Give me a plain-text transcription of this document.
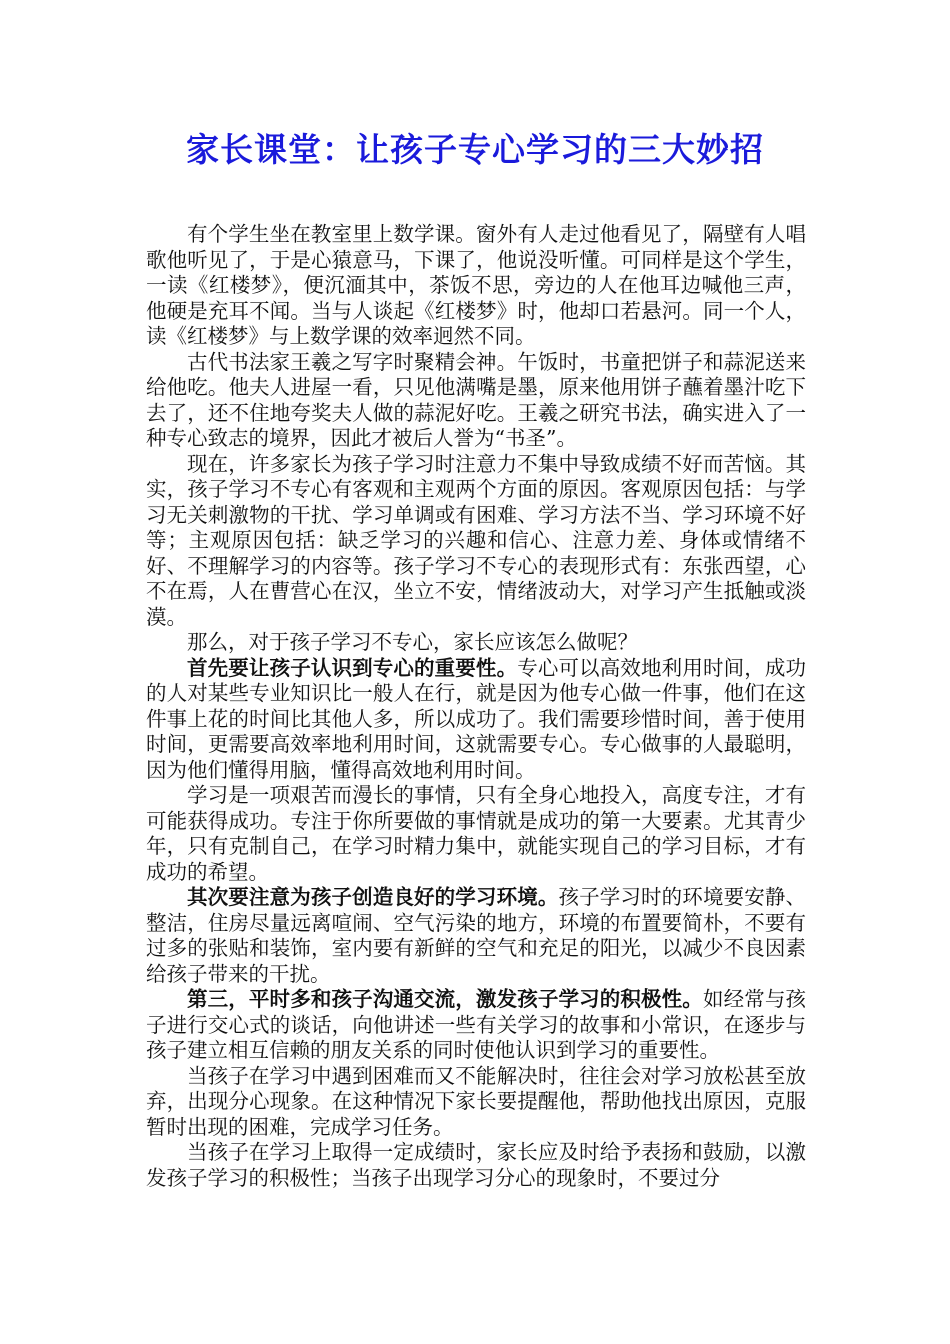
家长课堂：让孩子专心学习的三大妙招

有个学生坐在教室里上数学课。窗外有人走过他看见了，隔壁有人唱歌他听见了，于是心猿意马，下课了，他说没听懂。可同样是这个学生，一读《红楼梦》，便沉湎其中，茶饭不思，旁边的人在他耳边喊他三声，他硬是充耳不闻。当与人谈起《红楼梦》时，他却口若悬河。同一个人，读《红楼梦》与上数学课的效率迥然不同。

古代书法家王羲之写字时聚精会神。午饭时，书童把饼子和蒜泥送来给他吃。他夫人进屋一看，只见他满嘴是墨，原来他用饼子蘸着墨汁吃下去了，还不住地夸奖夫人做的蒜泥好吃。王羲之研究书法，确实进入了一种专心致志的境界，因此才被后人誉为“书圣”。

现在，许多家长为孩子学习时注意力不集中导致成绩不好而苦恼。其实，孩子学习不专心有客观和主观两个方面的原因。客观原因包括：与学习无关刺激物的干扰、学习单调或有困难、学习方法不当、学习环境不好等；主观原因包括：缺乏学习的兴趣和信心、注意力差、身体或情绪不好、不理解学习的内容等。孩子学习不专心的表现形式有：东张西望，心不在焉，人在曹营心在汉，坐立不安，情绪波动大，对学习产生抵触或淡漠。

那么，对于孩子学习不专心，家长应该怎么做呢？

首先要让孩子认识到专心的重要性。专心可以高效地利用时间，成功的人对某些专业知识比一般人在行，就是因为他专心做一件事，他们在这件事上花的时间比其他人多，所以成功了。我们需要珍惜时间，善于使用时间，更需要高效率地利用时间，这就需要专心。专心做事的人最聪明，因为他们懂得用脑，懂得高效地利用时间。

学习是一项艰苦而漫长的事情，只有全身心地投入，高度专注，才有可能获得成功。专注于你所要做的事情就是成功的第一大要素。尤其青少年，只有克制自己，在学习时精力集中，就能实现自己的学习目标，才有成功的希望。

其次要注意为孩子创造良好的学习环境。孩子学习时的环境要安静、整洁，住房尽量远离喧闹、空气污染的地方，环境的布置要简朴，不要有过多的张贴和装饰，室内要有新鲜的空气和充足的阳光，以减少不良因素给孩子带来的干扰。

第三，平时多和孩子沟通交流，激发孩子学习的积极性。如经常与孩子进行交心式的谈话，向他讲述一些有关学习的故事和小常识，在逐步与孩子建立相互信赖的朋友关系的同时使他认识到学习的重要性。

当孩子在学习中遇到困难而又不能解决时，往往会对学习放松甚至放弃，出现分心现象。在这种情况下家长要提醒他，帮助他找出原因，克服暂时出现的困难，完成学习任务。

当孩子在学习上取得一定成绩时，家长应及时给予表扬和鼓励，以激发孩子学习的积极性；当孩子出现学习分心的现象时，不要过分
